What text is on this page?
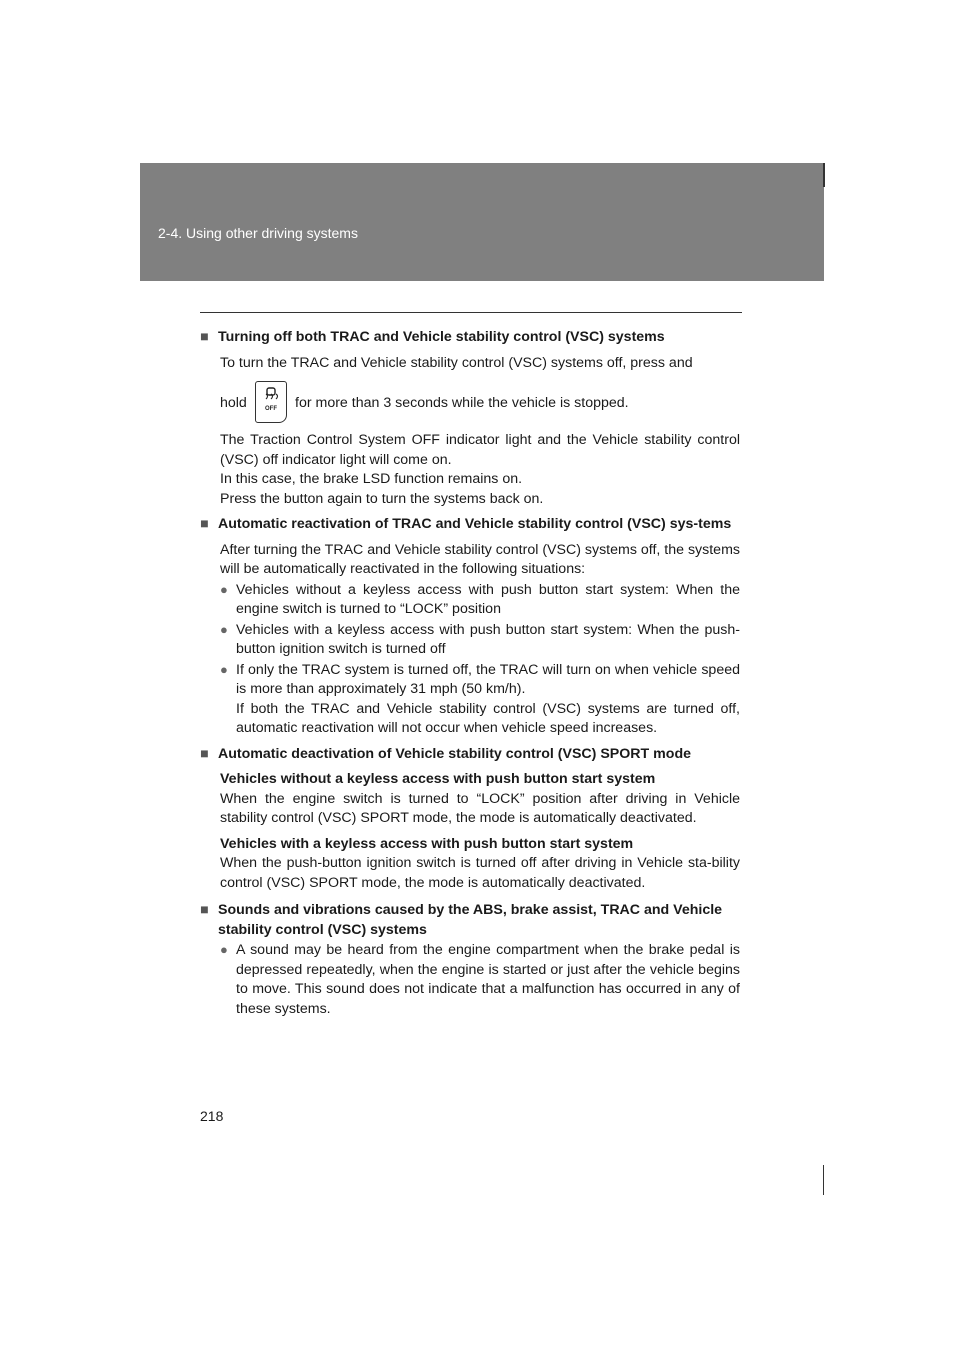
2-4. Using other driving systems

■ Turning off both TRAC and Vehicle stability control (VSC) systems

To turn the TRAC and Vehicle stability control (VSC) systems off, press and

hold	OFF for more than 3 seconds while the vehicle is stopped.

The Traction Control System OFF indicator light and the Vehicle stability control (VSC) off indicator light will come on.

In this case, the brake LSD function remains on.

Press the button again to turn the systems back on.

■ Automatic reactivation of TRAC and Vehicle stability control (VSC) sys-tems

After turning the TRAC and Vehicle stability control (VSC) systems off, the systems will be automatically reactivated in the following situations:

● Vehicles without a keyless access with push button start system: When the engine switch is turned to “LOCK” position

● Vehicles with a keyless access with push button start system: When the push-button ignition switch is turned off

● If only the TRAC system is turned off, the TRAC will turn on when vehicle speed is more than approximately 31 mph (50 km/h).

If both the TRAC and Vehicle stability control (VSC) systems are turned off, automatic reactivation will not occur when vehicle speed increases.

■ Automatic deactivation of Vehicle stability control (VSC) SPORT mode

Vehicles without a keyless access with push button start system

When the engine switch is turned to “LOCK” position after driving in Vehicle stability control (VSC) SPORT mode, the mode is automatically deactivated.

Vehicles with a keyless access with push button start system

When the push-button ignition switch is turned off after driving in Vehicle sta-bility control (VSC) SPORT mode, the mode is automatically deactivated.

■ Sounds and vibrations caused by the ABS, brake assist, TRAC and Vehicle stability control (VSC) systems

● A sound may be heard from the engine compartment when the brake pedal is depressed repeatedly, when the engine is started or just after the vehicle begins to move. This sound does not indicate that a malfunction has occurred in any of these systems.

218
